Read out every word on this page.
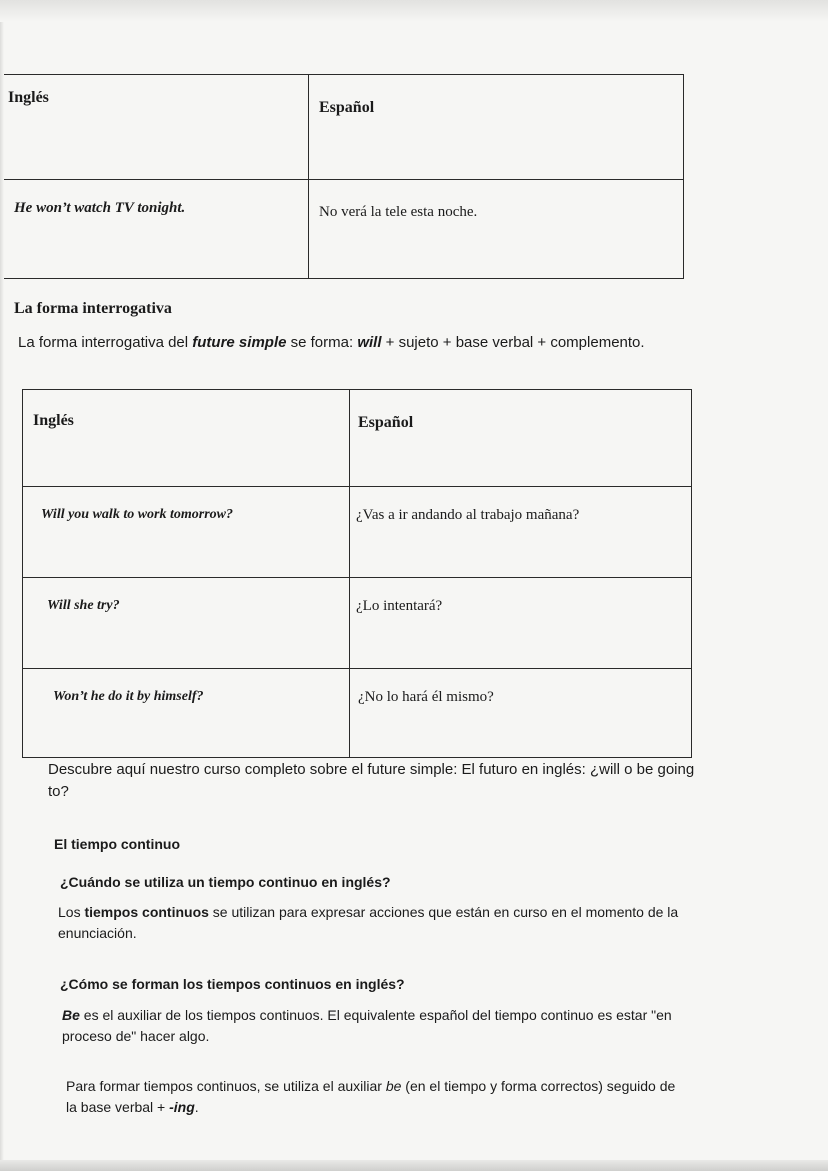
Inglés	Español

He won’t watch TV tonight.	No verá la tele esta noche.
La forma interrogativa
La forma interrogativa del future simple se forma: will + sujeto + base verbal + complemento.
Inglés	Español

Will you walk to work tomorrow?	¿Vas a ir andando al trabajo mañana?

Will she try?	¿Lo intentará?

Won’t he do it by himself?	¿No lo hará él mismo?
Descubre aquí nuestro curso completo sobre el future simple: El futuro en inglés: ¿will o be going
to?
El tiempo continuo
¿Cuándo se utiliza un tiempo continuo en inglés?
Los tiempos continuos se utilizan para expresar acciones que están en curso en el momento de la
enunciación.
¿Cómo se forman los tiempos continuos en inglés?
Be es el auxiliar de los tiempos continuos. El equivalente español del tiempo continuo es estar "en
proceso de" hacer algo.
Para formar tiempos continuos, se utiliza el auxiliar be (en el tiempo y forma correctos) seguido de
la base verbal + -ing.
